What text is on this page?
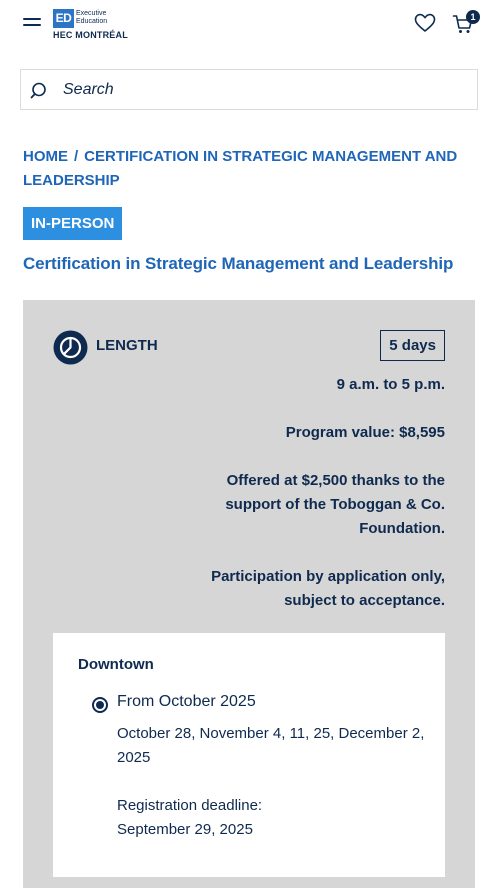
ED Executive Education
HEC MONTRÉAL
1
Search
HOME / CERTIFICATION IN STRATEGIC MANAGEMENT AND LEADERSHIP
IN-PERSON
Certification in Strategic Management and Leadership
LENGTH	5 days
9 a.m. to 5 p.m.
Program value: $8,595
Offered at $2,500 thanks to the support of the Toboggan & Co. Foundation.
Participation by application only, subject to acceptance.
Downtown
From October 2025
October 28, November 4, 11, 25, December 2, 2025
Registration deadline:
September 29, 2025
